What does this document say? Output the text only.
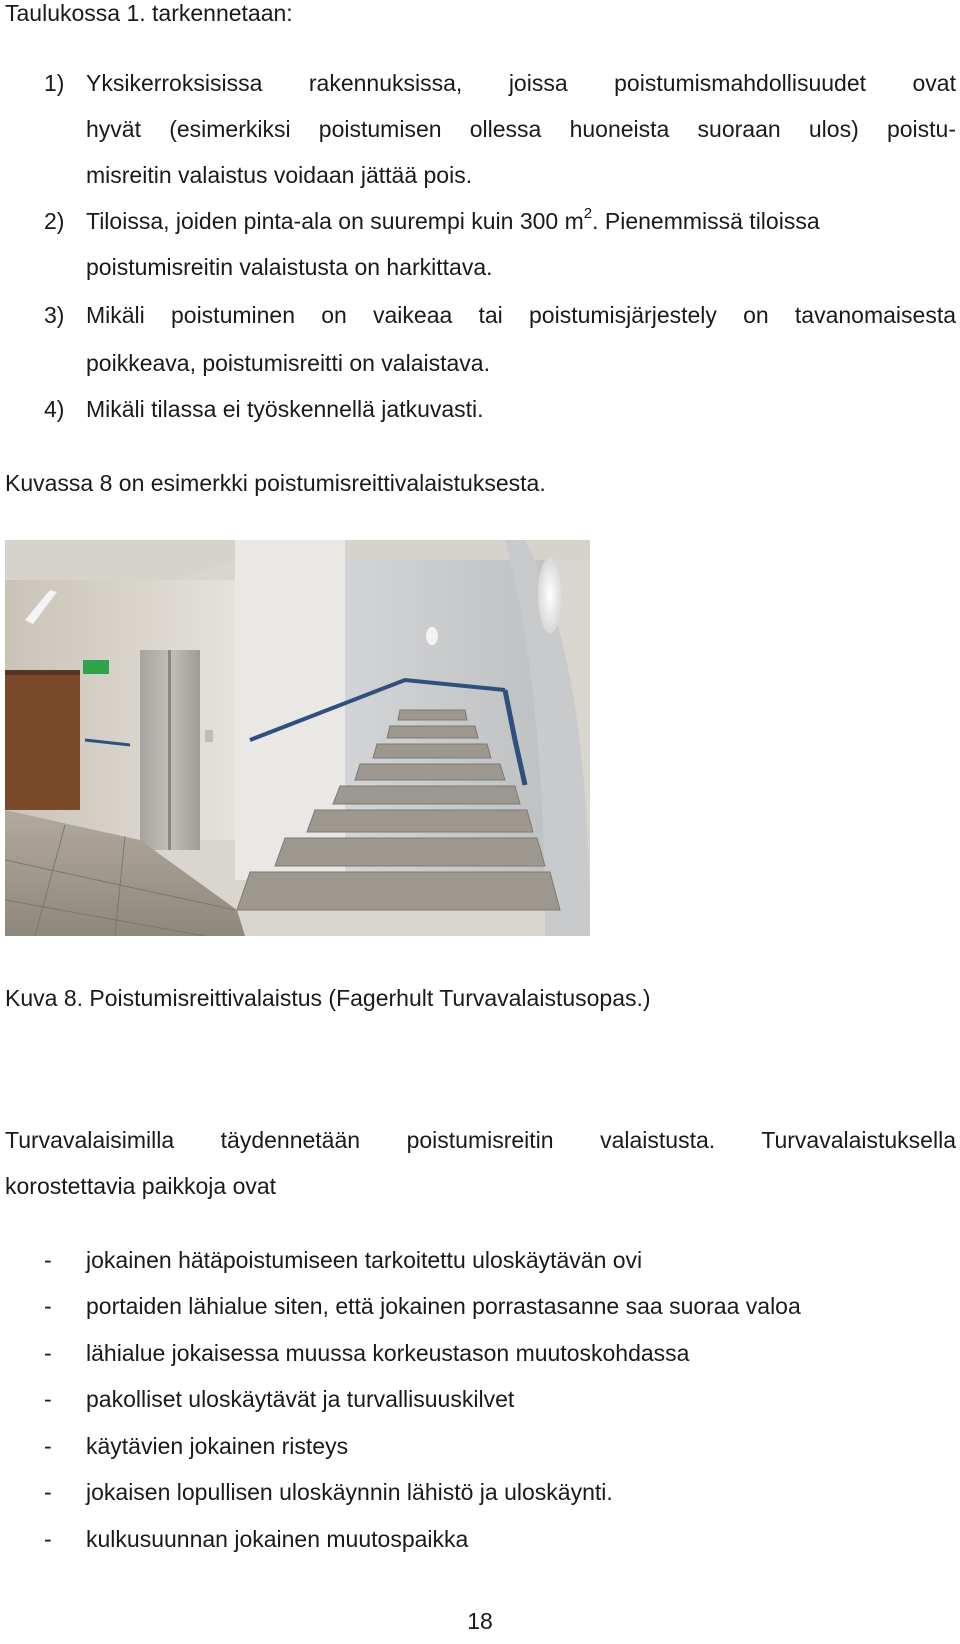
Taulukossa 1. tarkennetaan:
1) Yksikerroksisissa rakennuksissa, joissa poistumismahdollisuudet ovat
hyvät (esimerkiksi poistumisen ollessa huoneista suoraan ulos) poistu-
misreitin valaistus voidaan jättää pois.
2) Tiloissa, joiden pinta-ala on suurempi kuin 300 $m^2$. Pienemmissä tiloissa
poistumisreitin valaistusta on harkittava.
3) Mikäli poistuminen on vaikeaa tai poistumisjärjestely on tavanomaisesta
poikkeava, poistumisreitti on valaistava.
4) Mikäli tilassa ei työskennellä jatkuvasti.
Kuvassa 8 on esimerkki poistumisreittivalaistuksesta.
Kuva 8. Poistumisreittivalaistus (Fagerhult Turvavalaistusopas.)
Turvavalaisimilla täydennetään poistumisreitin valaistusta. Turvavalaistuksella
korostettavia paikkoja ovat
- jokainen hätäpoistumiseen tarkoitettu uloskäytävän ovi
- portaiden lähialue siten, että jokainen porrastasanne saa suoraa valoa
- lähialue jokaisessa muussa korkeustason muutoskohdassa
- pakolliset uloskäytävät ja turvallisuuskilvet
- käytävien jokainen risteys
- jokaisen lopullisen uloskäynnin lähistö ja uloskäynti.
- kulkusuunnan jokainen muutospaikka
18
